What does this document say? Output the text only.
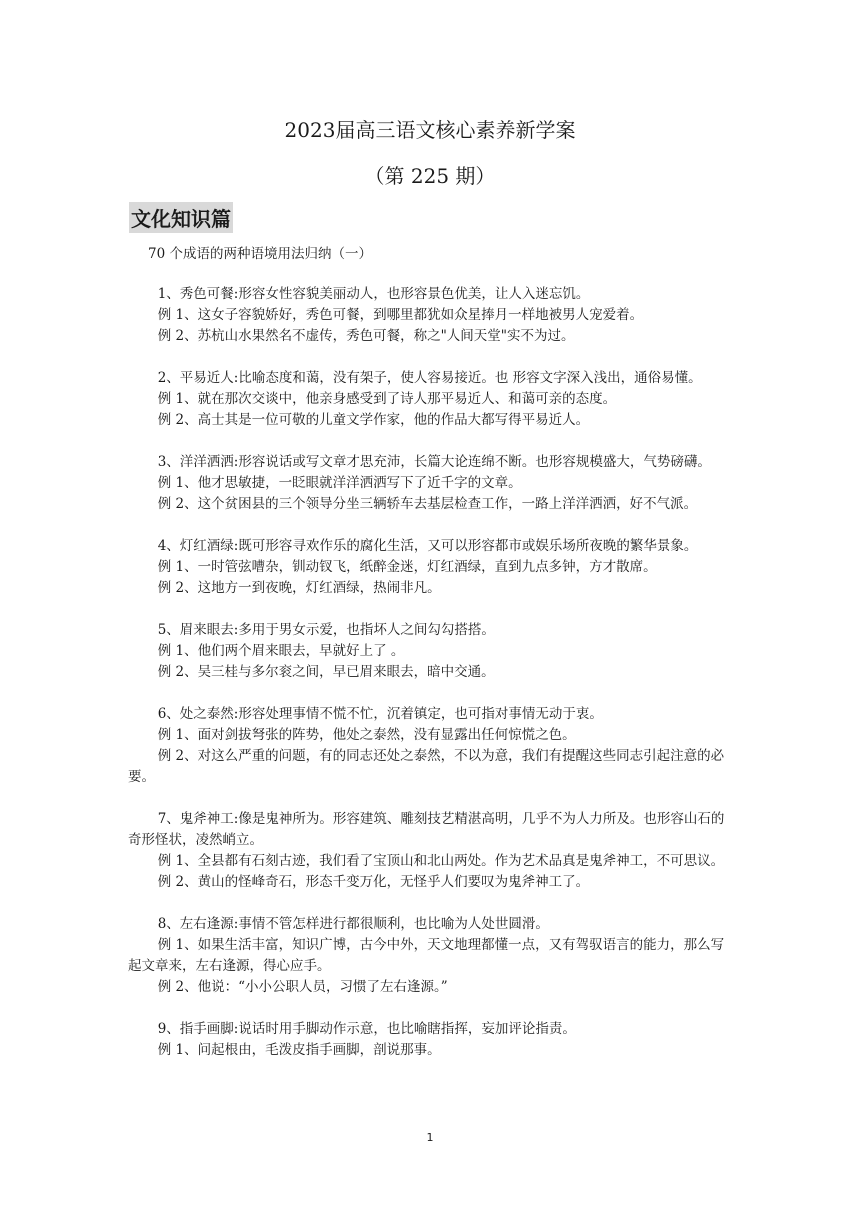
2023届高三语文核心素养新学案
（第 225 期）
文化知识篇
70 个成语的两种语境用法归纳（一）

1、秀色可餐:形容女性容貌美丽动人，也形容景色优美，让人入迷忘饥。

例 1、这女子容貌娇好，秀色可餐，到哪里都犹如众星捧月一样地被男人宠爱着。

例 2、苏杭山水果然名不虚传，秀色可餐，称之"人间天堂"实不为过。

2、平易近人:比喻态度和蔼，没有架子，使人容易接近。也 形容文字深入浅出，通俗易懂。

例 1、就在那次交谈中，他亲身感受到了诗人那平易近人、和蔼可亲的态度。

例 2、高士其是一位可敬的儿童文学作家，他的作品大都写得平易近人。

3、洋洋洒洒:形容说话或写文章才思充沛，长篇大论连绵不断。也形容规模盛大，气势磅礴。

例 1、他才思敏捷，一眨眼就洋洋洒洒写下了近千字的文章。

例 2、这个贫困县的三个领导分坐三辆轿车去基层检查工作，一路上洋洋洒洒，好不气派。

4、灯红酒绿:既可形容寻欢作乐的腐化生活，又可以形容都市或娱乐场所夜晚的繁华景象。

例 1、一时管弦嘈杂，钏动钗飞，纸醉金迷，灯红酒绿，直到九点多钟，方才散席。

例 2、这地方一到夜晚，灯红酒绿，热闹非凡。

5、眉来眼去:多用于男女示爱，也指坏人之间勾勾搭搭。

例 1、他们两个眉来眼去，早就好上了 。

例 2、吴三桂与多尔衮之间，早已眉来眼去，暗中交通。

6、处之泰然:形容处理事情不慌不忙，沉着镇定，也可指对事情无动于衷。

例 1、面对剑拔弩张的阵势，他处之泰然，没有显露出任何惊慌之色。

例 2、对这么严重的问题，有的同志还处之泰然，不以为意，我们有提醒这些同志引起注意的必要。

7、鬼斧神工:像是鬼神所为。形容建筑、雕刻技艺精湛高明，几乎不为人力所及。也形容山石的奇形怪状，凌然峭立。

例 1、全县都有石刻古迹，我们看了宝顶山和北山两处。作为艺术品真是鬼斧神工，不可思议。

例 2、黄山的怪峰奇石，形态千变万化，无怪乎人们要叹为鬼斧神工了。

8、左右逢源:事情不管怎样进行都很顺利，也比喻为人处世圆滑。

例 1、如果生活丰富，知识广博，古今中外，天文地理都懂一点，又有驾驭语言的能力，那么写起文章来，左右逢源，得心应手。

例 2、他说：“小小公职人员，习惯了左右逢源。”

9、指手画脚:说话时用手脚动作示意，也比喻瞎指挥，妄加评论指责。

例 1、问起根由，毛泼皮指手画脚，剖说那事。

1
